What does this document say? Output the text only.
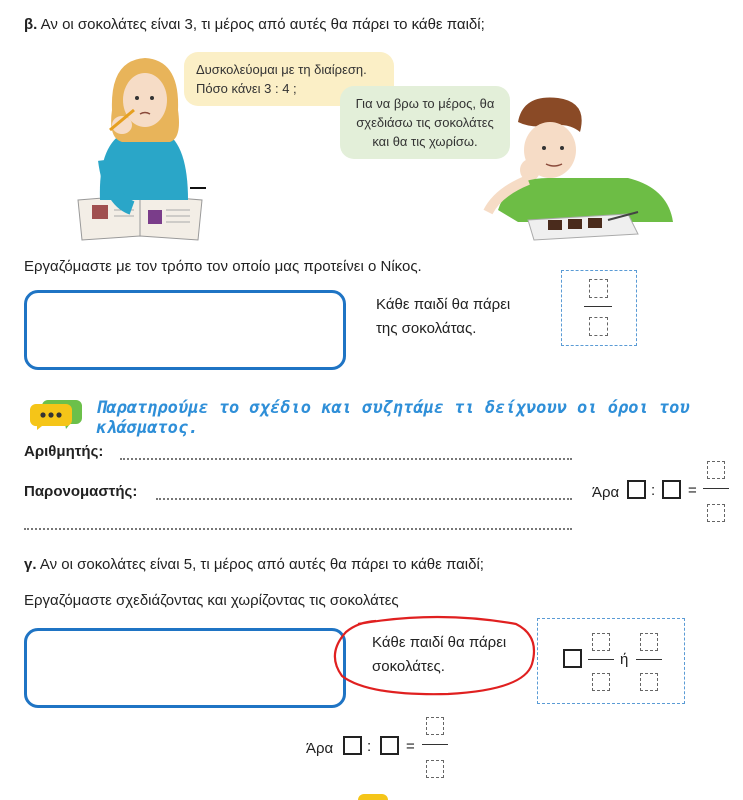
β. Αν οι σοκολάτες είναι 3, τι μέρος από αυτές θα πάρει το κάθε παιδί;
Δυσκολεύομαι με τη διαίρεση.
Πόσο κάνει 3 : 4 ;
Για να βρω το μέρος, θα
σχεδιάσω τις σοκολάτες
και θα τις χωρίσω.
Εργαζόμαστε με τον τρόπο τον οποίο μας προτείνει ο Νίκος.
Κάθε παιδί θα πάρει
της σοκολάτας.
Παρατηρούμε το σχέδιο και συζητάμε τι δείχνουν οι όροι του κλάσματος.
Αριθμητής:
Παρονομαστής:	Άρα : =
γ. Αν οι σοκολάτες είναι 5, τι μέρος από αυτές θα πάρει το κάθε παιδί;
Εργαζόμαστε σχεδιάζοντας και χωρίζοντας τις σοκολάτες
Κάθε παιδί θα πάρει
σοκολάτες.	ή
Άρα : =
